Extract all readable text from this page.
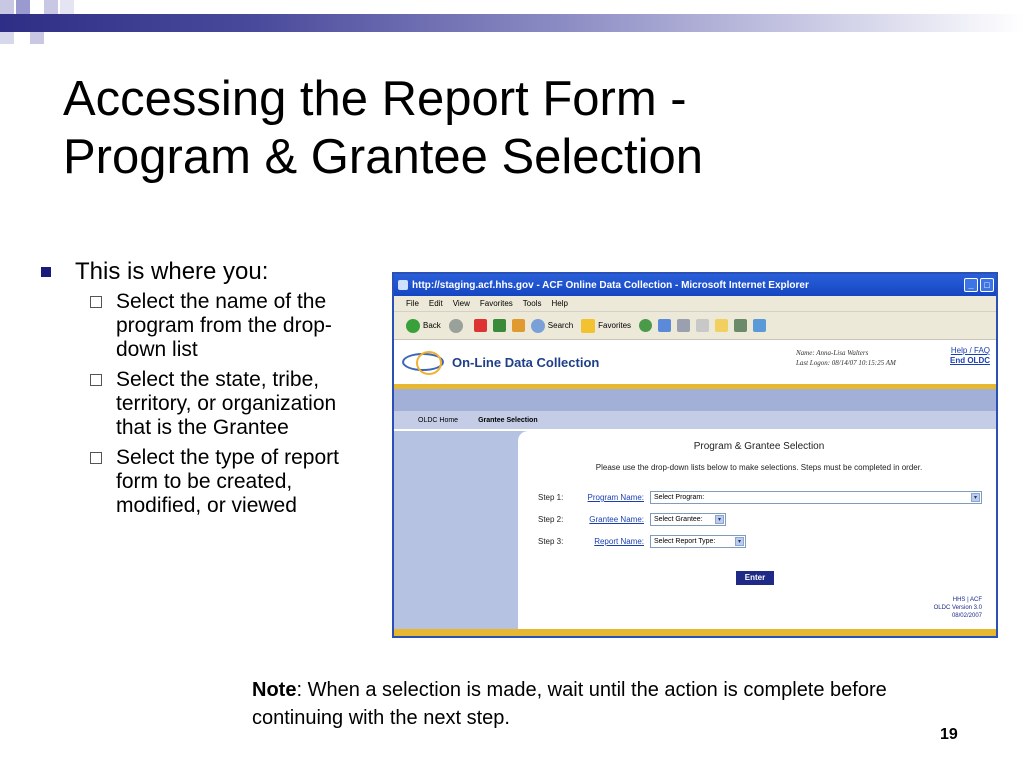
Accessing the Report Form -
Program & Grantee Selection
This is where you:
Select the name of the program from the drop-down list
Select the state, tribe, territory, or organization that is the Grantee
Select the type of report form to be created, modified, or viewed
http://staging.acf.hhs.gov - ACF Online Data Collection - Microsoft Internet Explorer	_	□
File Edit View Favorites Tools Help
Back	Search	Favorites
On-Line Data Collection
Name: Anna-Lisa Walters
Last Logon: 08/14/07 10:15:25 AM
Help / FAQ
End OLDC
OLDC Home	Grantee Selection
Program & Grantee Selection
Please use the drop-down lists below to make selections. Steps must be completed in order.
Step 1:	Program Name: Select Program:	▾
Step 2:	Grantee Name: Select Grantee:	▾
Step 3:	Report Name: Select Report Type:	▾
Enter
HHS | ACF
OLDC Version 3.0
08/02/2007
Note: When a selection is made, wait until the action is complete before continuing with the next step.
19
